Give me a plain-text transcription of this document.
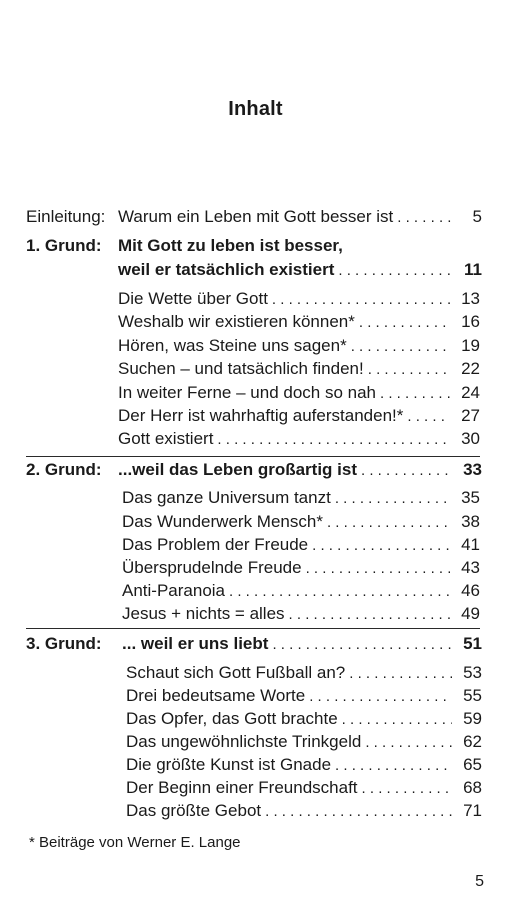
Inhalt
Einleitung: Warum ein Leben mit Gott besser ist . . .	5
1. Grund: Mit Gott zu leben ist besser,
weil er tatsächlich existiert . . .	11
Die Wette über Gott . . .	13
Weshalb wir existieren können* . . .	16
Hören, was Steine uns sagen* . . .	19
Suchen – und tatsächlich finden! . . .	22
In weiter Ferne – und doch so nah . . .	24
Der Herr ist wahrhaftig auferstanden!* . . .	27
Gott existiert . . .	30
2. Grund: ...weil das Leben großartig ist . . .	33
Das ganze Universum tanzt . . .	35
Das Wunderwerk Mensch* . . .	38
Das Problem der Freude . . .	41
Übersprudelnde Freude . . .	43
Anti-Paranoia . . .	46
Jesus + nichts = alles . . .	49
3. Grund: ... weil er uns liebt . . .	51
Schaut sich Gott Fußball an? . . .	53
Drei bedeutsame Worte . . .	55
Das Opfer, das Gott brachte . . .	59
Das ungewöhnlichste Trinkgeld . . .	62
Die größte Kunst ist Gnade . . .	65
Der Beginn einer Freundschaft . . .	68
Das größte Gebot . . .	71
* Beiträge von Werner E. Lange
5
